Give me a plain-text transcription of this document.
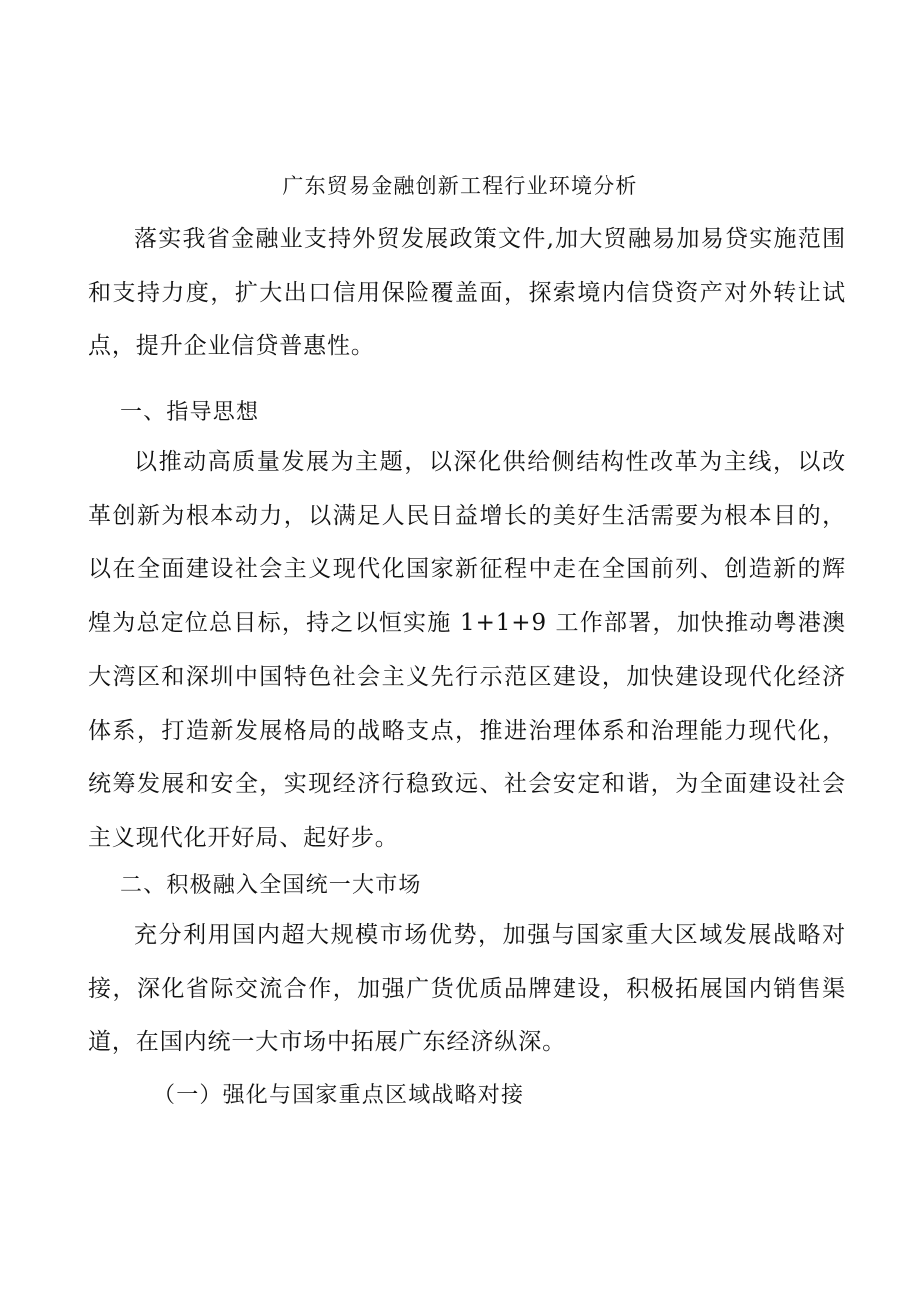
广东贸易金融创新工程行业环境分析

落实我省金融业支持外贸发展政策文件,加大贸融易加易贷实施范围和支持力度，扩大出口信用保险覆盖面，探索境内信贷资产对外转让试点，提升企业信贷普惠性。

一、指导思想

以推动高质量发展为主题，以深化供给侧结构性改革为主线，以改革创新为根本动力，以满足人民日益增长的美好生活需要为根本目的，以在全面建设社会主义现代化国家新征程中走在全国前列、创造新的辉煌为总定位总目标，持之以恒实施 1+1+9 工作部署，加快推动粤港澳大湾区和深圳中国特色社会主义先行示范区建设，加快建设现代化经济体系，打造新发展格局的战略支点，推进治理体系和治理能力现代化，统筹发展和安全，实现经济行稳致远、社会安定和谐，为全面建设社会主义现代化开好局、起好步。

二、积极融入全国统一大市场

充分利用国内超大规模市场优势，加强与国家重大区域发展战略对接，深化省际交流合作，加强广货优质品牌建设，积极拓展国内销售渠道，在国内统一大市场中拓展广东经济纵深。

（一）强化与国家重点区域战略对接
